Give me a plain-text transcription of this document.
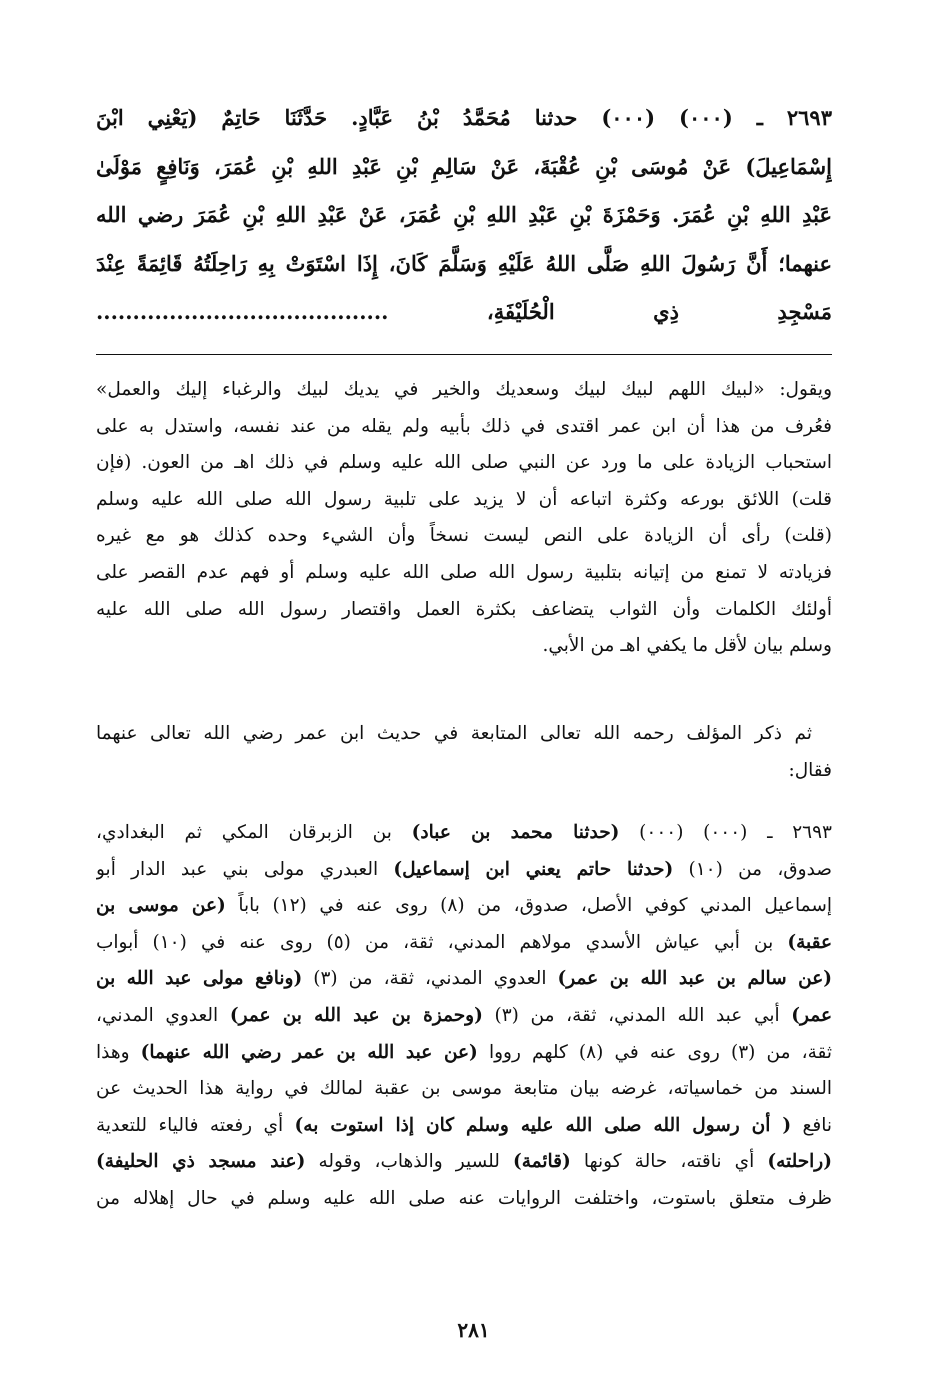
٢٦٩٣ ـ (٠٠٠) (٠٠٠) حدثنا مُحَمَّدُ بْنُ عَبَّادٍ. حَدَّثَنَا حَاتِمٌ (يَعْنِي ابْنَ
إِسْمَاعِيلَ) عَنْ مُوسَى بْنِ عُقْبَةَ، عَنْ سَالِمِ بْنِ عَبْدِ اللهِ بْنِ عُمَرَ، وَنَافِعٍ مَوْلَىٰ
عَبْدِ اللهِ بْنِ عُمَرَ. وَحَمْزَةَ بْنِ عَبْدِ اللهِ بْنِ عُمَرَ، عَنْ عَبْدِ اللهِ بْنِ عُمَرَ رضي الله
عنهما؛ أَنَّ رَسُولَ اللهِ صَلَّى اللهُ عَلَيْهِ وَسَلَّمَ كَانَ، إِذَا اسْتَوَتْ بِهِ رَاحِلَتُهُ قَائِمَةً عِنْدَ
مَسْجِدِ ذِي الْحُلَيْفَةِ، ........................................
ويقول: «لبيك اللهم لبيك لبيك وسعديك والخير في يديك لبيك والرغباء إليك والعمل»
فعُرف من هذا أن ابن عمر اقتدى في ذلك بأبيه ولم يقله من عند نفسه، واستدل به على
استحباب الزيادة على ما ورد عن النبي صلى الله عليه وسلم في ذلك اهـ من العون. (فإن
قلت) اللائق بورعه وكثرة اتباعه أن لا يزيد على تلبية رسول الله صلى الله عليه وسلم
(قلت) رأى أن الزيادة على النص ليست نسخاً وأن الشيء وحده كذلك هو مع غيره
فزيادته لا تمنع من إتيانه بتلبية رسول الله صلى الله عليه وسلم أو فهم عدم القصر على
أولئك الكلمات وأن الثواب يتضاعف بكثرة العمل واقتصار رسول الله صلى الله عليه
وسلم بيان لأقل ما يكفي اهـ من الأبي.
ثم ذكر المؤلف رحمه الله تعالى المتابعة في حديث ابن عمر رضي الله تعالى عنهما
فقال:
٢٦٩٣ ـ (٠٠٠) (٠٠٠) (حدثنا محمد بن عباد) بن الزبرقان المكي ثم البغدادي،
صدوق، من (١٠) (حدثنا حاتم يعني ابن إسماعيل) العبدري مولى بني عبد الدار أبو
إسماعيل المدني كوفي الأصل، صدوق، من (٨) روى عنه في (١٢) باباً (عن موسى بن
عقبة) بن أبي عياش الأسدي مولاهم المدني، ثقة، من (٥) روى عنه في (١٠) أبواب
(عن سالم بن عبد الله بن عمر) العدوي المدني، ثقة، من (٣) (ونافع مولى عبد الله بن
عمر) أبي عبد الله المدني، ثقة، من (٣) (وحمزة بن عبد الله بن عمر) العدوي المدني،
ثقة، من (٣) روى عنه في (٨) كلهم رووا (عن عبد الله بن عمر رضي الله عنهما) وهذا
السند من خماسياته، غرضه بيان متابعة موسى بن عقبة لمالك في رواية هذا الحديث عن
نافع ( أن رسول الله صلى الله عليه وسلم كان إذا استوت به) أي رفعته فالياء للتعدية
(راحلته) أي ناقته، حالة كونها (قائمة) للسير والذهاب، وقوله (عند مسجد ذي الحليفة)
ظرف متعلق باستوت، واختلفت الروايات عنه صلى الله عليه وسلم في حال إهلاله من
٢٨١
